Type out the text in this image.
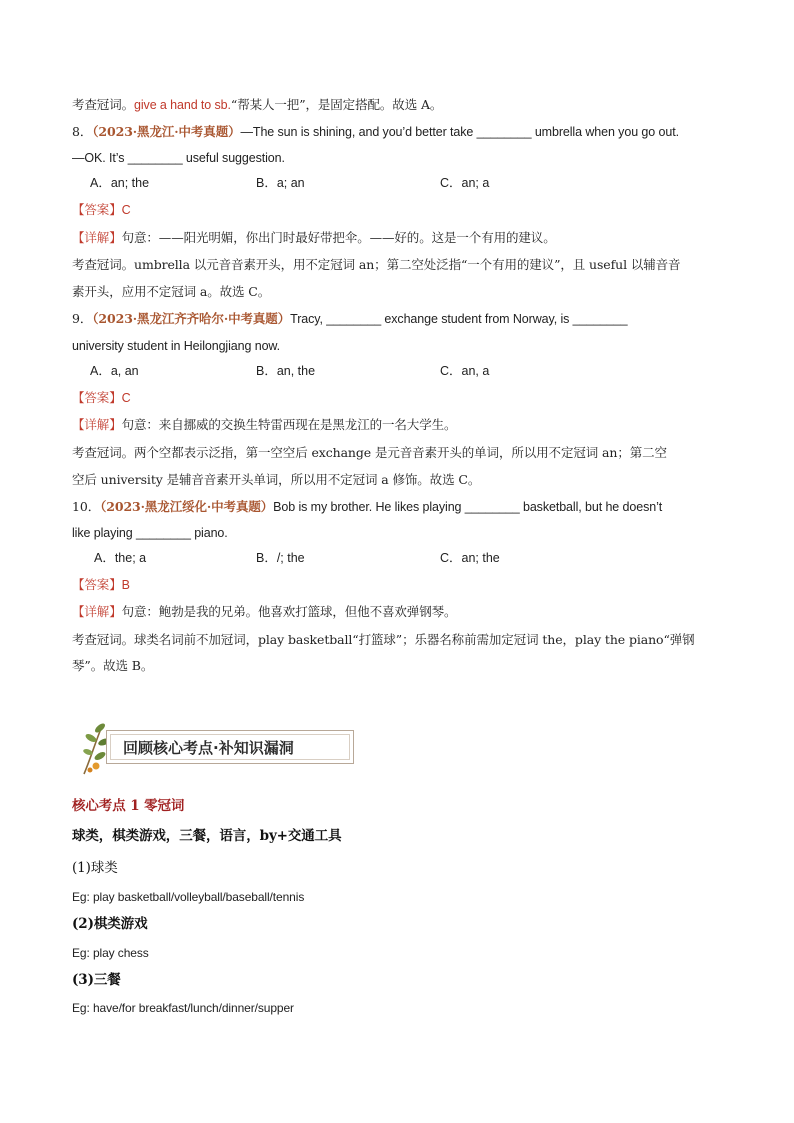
考查冠词。give a hand to sb.“帮某人一把”，是固定搭配。故选 A。
8．（2023·黑龙江·中考真题）—The sun is shining, and you’d better take ________ umbrella when you go out.
—OK. It’s ________ useful suggestion.
A．an; the	B．a; an	C．an; a
【答案】C
【详解】句意：——阳光明媚，你出门时最好带把伞。——好的。这是一个有用的建议。
考查冠词。umbrella 以元音音素开头，用不定冠词 an；第二空处泛指“一个有用的建议”，且 useful 以辅音音
素开头，应用不定冠词 a。故选 C。
9．（2023·黑龙江齐齐哈尔·中考真题）Tracy, ________ exchange student from Norway, is ________
university student in Heilongjiang now.
A．a, an	B．an, the	C．an, a
【答案】C
【详解】句意：来自挪威的交换生特雷西现在是黑龙江的一名大学生。
考查冠词。两个空都表示泛指，第一空空后 exchange 是元音音素开头的单词，所以用不定冠词 an；第二空
空后 university 是辅音音素开头单词，所以用不定冠词 a 修饰。故选 C。
10．（2023·黑龙江绥化·中考真题）Bob is my brother. He likes playing ________ basketball, but he doesn’t
like playing ________ piano.
A．the; a	B．/; the	C．an; the
【答案】B
【详解】句意：鲍勃是我的兄弟。他喜欢打篮球，但他不喜欢弹钢琴。
考查冠词。球类名词前不加冠词，play basketball“打篮球”；乐器名称前需加定冠词 the，play the piano“弹钢
琴”。故选 B。
回顾核心考点·补知识漏洞
核心考点 1 零冠词
球类，棋类游戏，三餐，语言，by+交通工具
(1)球类
Eg: play basketball/volleyball/baseball/tennis
(2)棋类游戏
Eg: play chess
(3)三餐
Eg: have/for breakfast/lunch/dinner/supper
